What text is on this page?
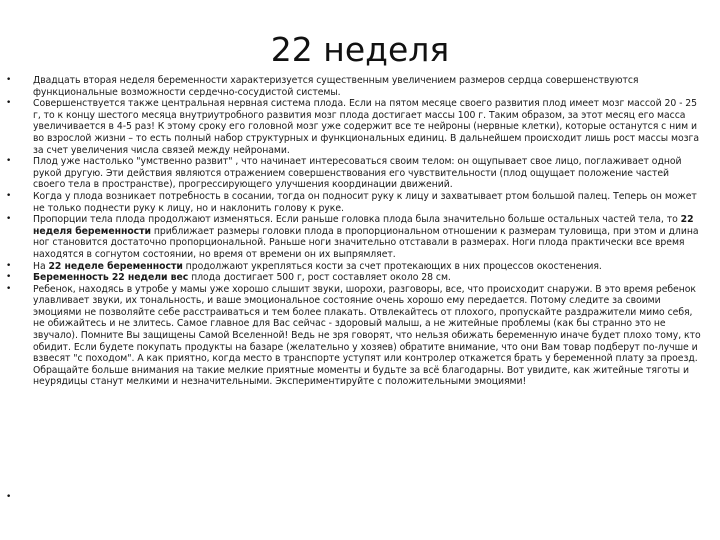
22 неделя
• Двадцать вторая неделя беременности характеризуется существенным увеличением размеров сердца совершенствуются функциональные возможности сердечно-сосудистой системы.
• Совершенствуется также центральная нервная система плода. Если на пятом месяце своего развития плод имеет мозг массой 20 - 25 г, то к концу шестого месяца внутриутробного развития мозг плода достигает массы 100 г. Таким образом, за этот месяц его масса увеличивается в 4-5 раз! К этому сроку его головной мозг уже содержит все те нейроны (нервные клетки), которые останутся с ним и во взрослой жизни – то есть полный набор структурных и функциональных единиц. В дальнейшем происходит лишь рост массы мозга за счет увеличения числа связей между нейронами.
• Плод уже настолько "умственно развит" , что начинает интересоваться своим телом: он ощупывает свое лицо, поглаживает одной рукой другую. Эти действия являются отражением совершенствования его чувствительности (плод ощущает положение частей своего тела в пространстве), прогрессирующего улучшения координации движений.
• Когда у плода возникает потребность в сосании, тогда он подносит руку к лицу и захватывает ртом большой палец. Теперь он может не только поднести руку к лицу, но и наклонить голову к руке.
• Пропорции тела плода продолжают изменяться. Если раньше головка плода была значительно больше остальных частей тела, то 22 неделя беременности приближает размеры головки плода в пропорциональном отношении к размерам туловища, при этом и длина ног становится достаточно пропорциональной. Раньше ноги значительно отставали в размерах. Ноги плода практически все время находятся в согнутом состоянии, но время от времени он их выпрямляет.
• На 22 неделе беременности продолжают укрепляться кости за счет протекающих в них процессов окостенения.
• Беременность 22 недели вес плода достигает 500 г, рост составляет около 28 см.
• Ребенок, находясь в утробе у мамы уже хорошо слышит звуки, шорохи, разговоры, все, что происходит снаружи. В это время ребенок улавливает звуки, их тональность, и ваше эмоциональное состояние очень хорошо ему передается. Потому следите за своими эмоциями не позволяйте себе расстраиваться и тем более плакать. Отвлекайтесь от плохого, пропускайте раздражители мимо себя, не обижайтесь и не злитесь. Самое главное для Вас сейчас - здоровый малыш, а не житейные проблемы (как бы странно это не звучало). Помните Вы защищены Самой Вселенной! Ведь не зря говорят, что нельзя обижать беременную иначе будет плохо тому, кто обидит. Если будете покупать продукты на базаре (желательно у хозяев) обратите внимание, что они Вам товар подберут по-лучше и взвесят "с походом". А как приятно, когда место в транспорте уступят или контролер откажется брать у беременной плату за проезд. Обращайте больше внимания на такие мелкие приятные моменты и будьте за всё благодарны. Вот увидите, как житейные тяготы и неурядицы станут мелкими и незначительными. Экспериментируйте с положительными эмоциями!
•
